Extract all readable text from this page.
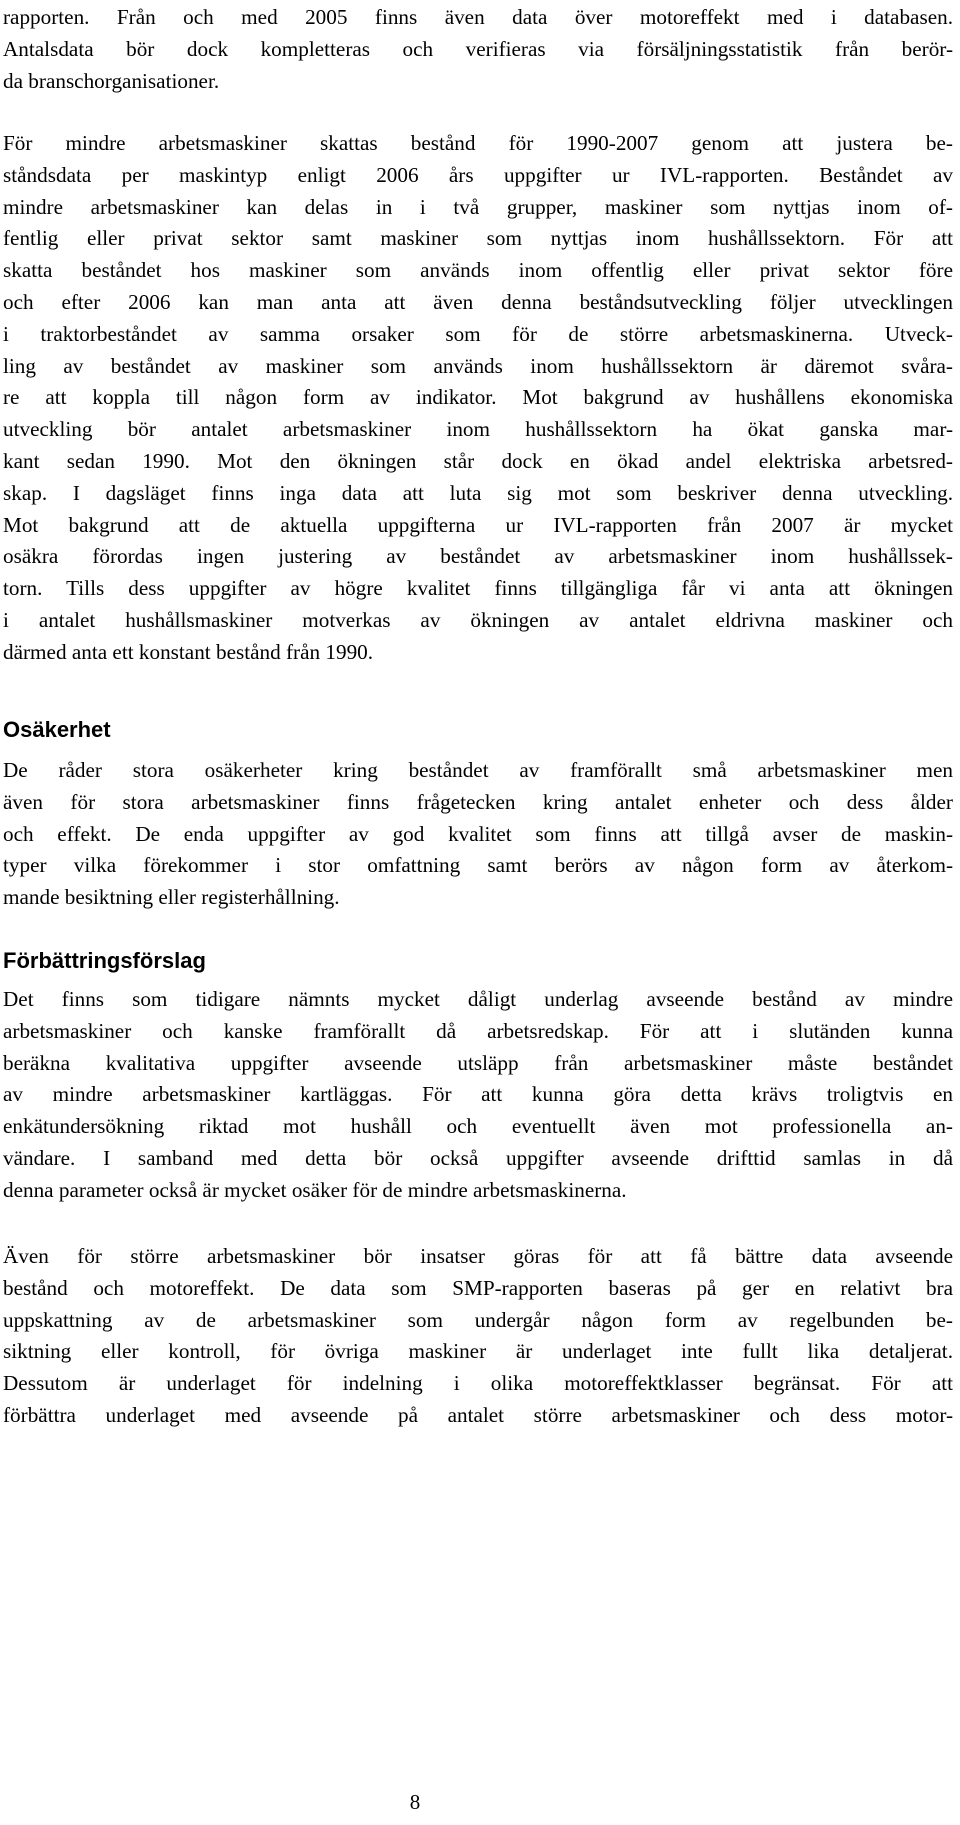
rapporten. Från och med 2005 finns även data över motoreffekt med i databasen.
Antalsdata bör dock kompletteras och verifieras via försäljningsstatistik från berör-
da branschorganisationer.
För mindre arbetsmaskiner skattas bestånd för 1990-2007 genom att justera be-
ståndsdata per maskintyp enligt 2006 års uppgifter ur IVL-rapporten. Beståndet av
mindre arbetsmaskiner kan delas in i två grupper, maskiner som nyttjas inom of-
fentlig eller privat sektor samt maskiner som nyttjas inom hushållssektorn. För att
skatta beståndet hos maskiner som används inom offentlig eller privat sektor före
och efter 2006 kan man anta att även denna beståndsutveckling följer utvecklingen
i traktorbeståndet av samma orsaker som för de större arbetsmaskinerna. Utveck-
ling av beståndet av maskiner som används inom hushållssektorn är däremot svåra-
re att koppla till någon form av indikator. Mot bakgrund av hushållens ekonomiska
utveckling bör antalet arbetsmaskiner inom hushållssektorn ha ökat ganska mar-
kant sedan 1990. Mot den ökningen står dock en ökad andel elektriska arbetsred-
skap. I dagsläget finns inga data att luta sig mot som beskriver denna utveckling.
Mot bakgrund att de aktuella uppgifterna ur IVL-rapporten från 2007 är mycket
osäkra förordas ingen justering av beståndet av arbetsmaskiner inom hushållssek-
torn. Tills dess uppgifter av högre kvalitet finns tillgängliga får vi anta att ökningen
i antalet hushållsmaskiner motverkas av ökningen av antalet eldrivna maskiner och
därmed anta ett konstant bestånd från 1990.
Osäkerhet
De råder stora osäkerheter kring beståndet av framförallt små arbetsmaskiner men
även för stora arbetsmaskiner finns frågetecken kring antalet enheter och dess ålder
och effekt. De enda uppgifter av god kvalitet som finns att tillgå avser de maskin-
typer vilka förekommer i stor omfattning samt berörs av någon form av återkom-
mande besiktning eller registerhållning.
Förbättringsförslag
Det finns som tidigare nämnts mycket dåligt underlag avseende bestånd av mindre
arbetsmaskiner och kanske framförallt då arbetsredskap. För att i slutänden kunna
beräkna kvalitativa uppgifter avseende utsläpp från arbetsmaskiner måste beståndet
av mindre arbetsmaskiner kartläggas. För att kunna göra detta krävs troligtvis en
enkätundersökning riktad mot hushåll och eventuellt även mot professionella an-
vändare. I samband med detta bör också uppgifter avseende drifttid samlas in då
denna parameter också är mycket osäker för de mindre arbetsmaskinerna.
Även för större arbetsmaskiner bör insatser göras för att få bättre data avseende
bestånd och motoreffekt. De data som SMP-rapporten baseras på ger en relativt bra
uppskattning av de arbetsmaskiner som undergår någon form av regelbunden be-
siktning eller kontroll, för övriga maskiner är underlaget inte fullt lika detaljerat.
Dessutom är underlaget för indelning i olika motoreffektklasser begränsat. För att
förbättra underlaget med avseende på antalet större arbetsmaskiner och dess motor-
8
